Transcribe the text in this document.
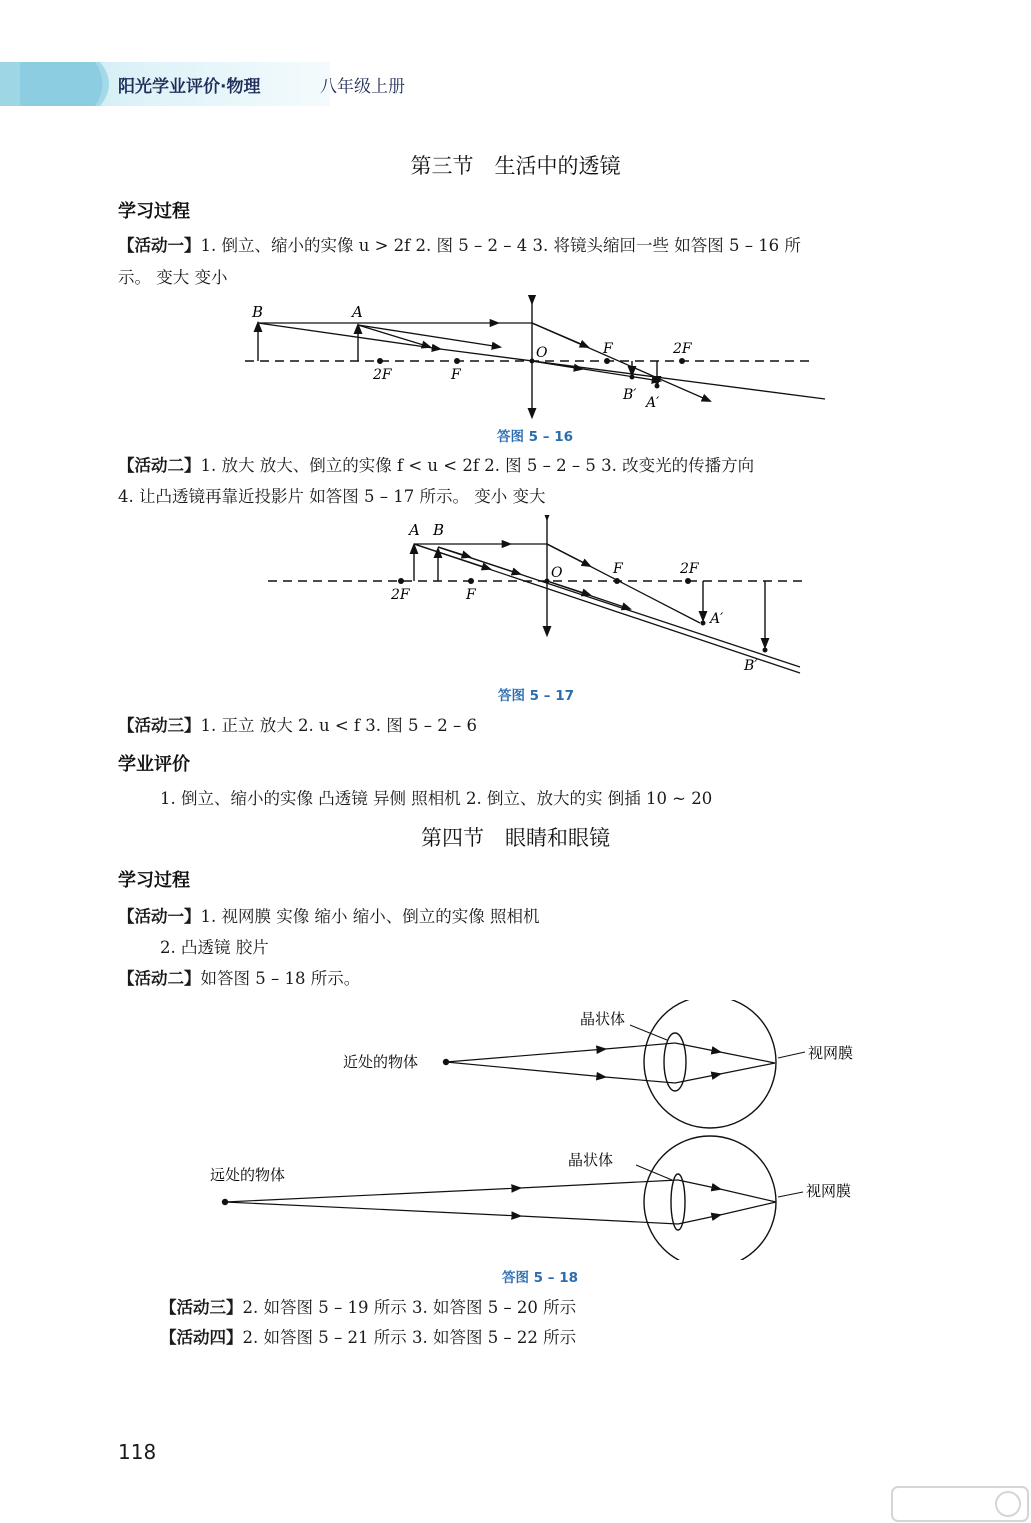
阳光学业评价·物理	八年级上册
第三节　生活中的透镜
学习过程
【活动一】1. 倒立、缩小的实像 u > 2f 2. 图 5 – 2 – 4 3. 将镜头缩回一些 如答图 5 – 16 所
示。 变大 变小
B	A
O	F	2F
2F	F
B′ A′
答图 5 – 16
【活动二】1. 放大 放大、倒立的实像 f < u < 2f 2. 图 5 – 2 – 5 3. 改变光的传播方向
4. 让凸透镜再靠近投影片 如答图 5 – 17 所示。 变小 变大
A B
O	F	2F
2F	F
A′
B′
答图 5 – 17
【活动三】1. 正立 放大 2. u < f 3. 图 5 – 2 – 6
学业评价
1. 倒立、缩小的实像 凸透镜 异侧 照相机 2. 倒立、放大的实 倒插 10 ~ 20
第四节　眼睛和眼镜
学习过程
【活动一】1. 视网膜 实像 缩小 缩小、倒立的实像 照相机
2. 凸透镜 胶片
【活动二】如答图 5 – 18 所示。
近处的物体
晶状体
视网膜
远处的物体
晶状体
视网膜
答图 5 – 18
【活动三】2. 如答图 5 – 19 所示 3. 如答图 5 – 20 所示
【活动四】2. 如答图 5 – 21 所示 3. 如答图 5 – 22 所示
118
